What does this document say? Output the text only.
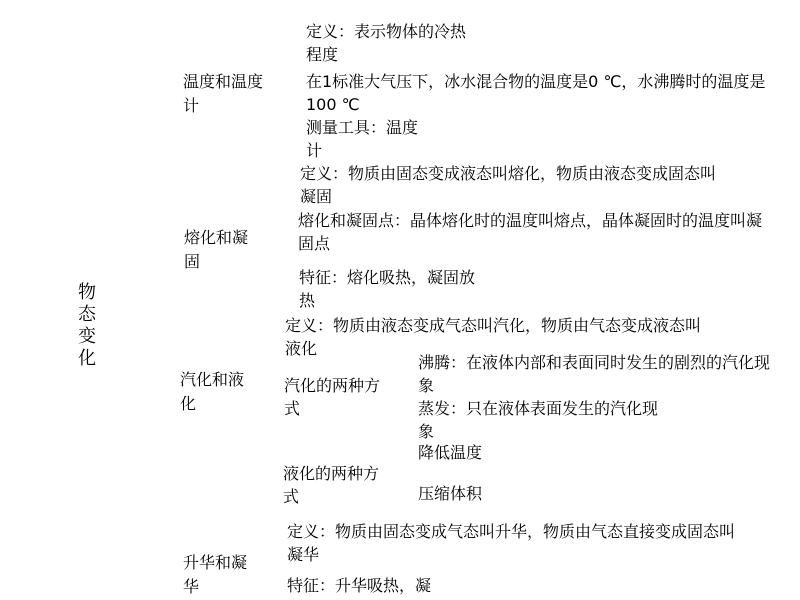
物态变化
温度和温度计
定义：表示物体的冷热程度
在1标准大气压下，冰水混合物的温度是0 ℃，水沸腾时的温度是100 ℃
测量工具：温度计
熔化和凝固
定义：物质由固态变成液态叫熔化，物质由液态变成固态叫凝固
熔化和凝固点：晶体熔化时的温度叫熔点，晶体凝固时的温度叫凝固点
特征：熔化吸热，凝固放热
汽化和液化
定义：物质由液态变成气态叫汽化，物质由气态变成液态叫液化
汽化的两种方式
沸腾：在液体内部和表面同时发生的剧烈的汽化现象
蒸发：只在液体表面发生的汽化现象
液化的两种方式
降低温度
压缩体积
升华和凝华
定义：物质由固态变成气态叫升华，物质由气态直接变成固态叫凝华
特征：升华吸热，凝
